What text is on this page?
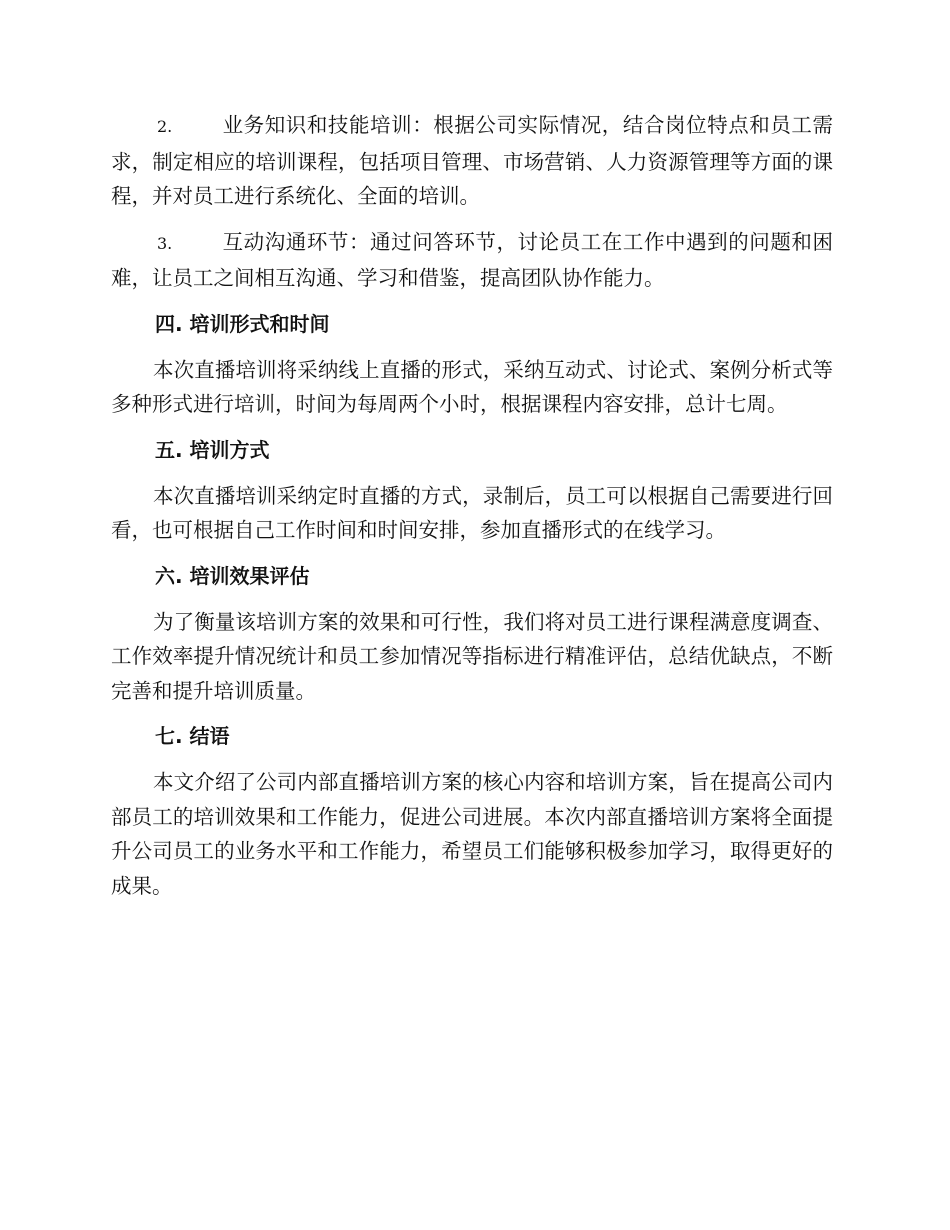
2. 业务知识和技能培训：根据公司实际情况，结合岗位特点和员工需求，制定相应的培训课程，包括项目管理、市场营销、人力资源管理等方面的课程，并对员工进行系统化、全面的培训。

3. 互动沟通环节：通过问答环节，讨论员工在工作中遇到的问题和困难，让员工之间相互沟通、学习和借鉴，提高团队协作能力。

四. 培训形式和时间

本次直播培训将采纳线上直播的形式，采纳互动式、讨论式、案例分析式等多种形式进行培训，时间为每周两个小时，根据课程内容安排，总计七周。

五. 培训方式

本次直播培训采纳定时直播的方式，录制后，员工可以根据自己需要进行回看，也可根据自己工作时间和时间安排，参加直播形式的在线学习。

六. 培训效果评估

为了衡量该培训方案的效果和可行性，我们将对员工进行课程满意度调查、工作效率提升情况统计和员工参加情况等指标进行精准评估，总结优缺点，不断完善和提升培训质量。

七. 结语

本文介绍了公司内部直播培训方案的核心内容和培训方案，旨在提高公司内部员工的培训效果和工作能力，促进公司进展。本次内部直播培训方案将全面提升公司员工的业务水平和工作能力，希望员工们能够积极参加学习，取得更好的成果。
